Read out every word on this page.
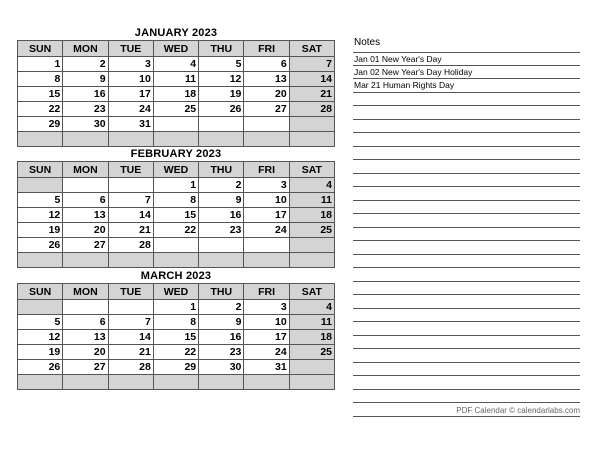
JANUARY 2023
SUN	MON	TUE	WED	THU	FRI	SAT
1	2	3	4	5	6	7
8	9	10	11	12	13	14
15	16	17	18	19	20	21
22	23	24	25	26	27	28
29	30	31				

FEBRUARY 2023
SUN	MON	TUE	WED	THU	FRI	SAT
			1	2	3	4
5	6	7	8	9	10	11
12	13	14	15	16	17	18
19	20	21	22	23	24	25
26	27	28				

MARCH 2023
SUN	MON	TUE	WED	THU	FRI	SAT
			1	2	3	4
5	6	7	8	9	10	11
12	13	14	15	16	17	18
19	20	21	22	23	24	25
26	27	28	29	30	31	

Notes
Jan 01 New Year's Day
Jan 02 New Year's Day Holiday
Mar 21 Human Rights Day
PDF Calendar © calendarlabs.com
